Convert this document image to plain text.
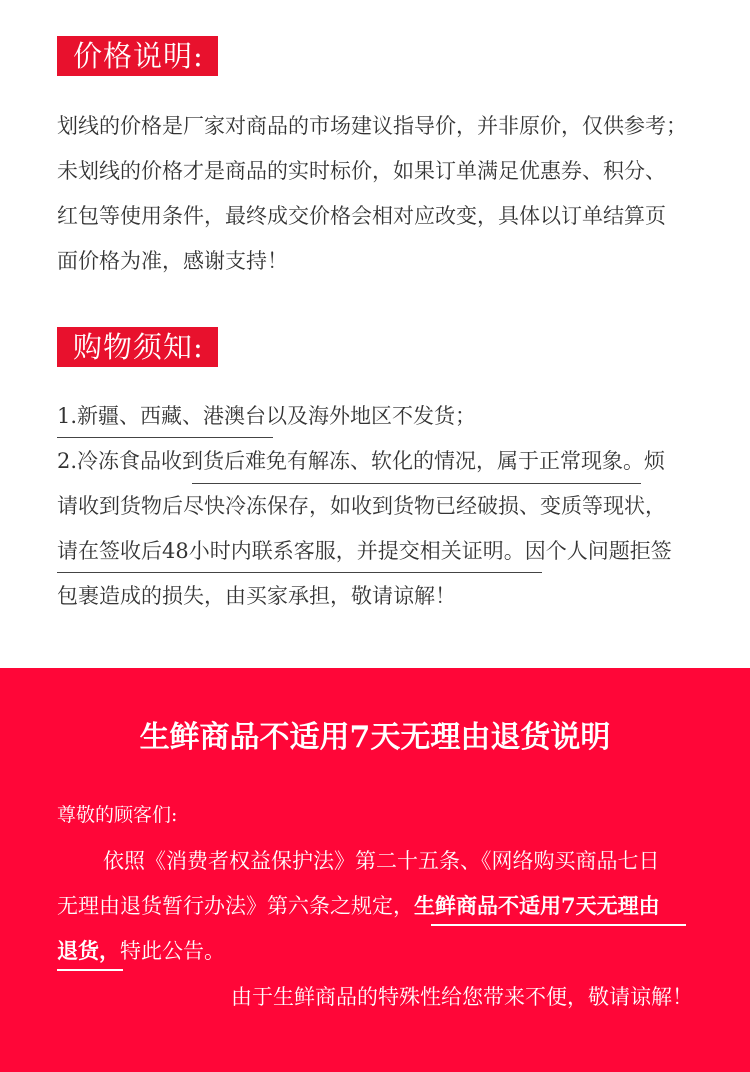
价格说明:
划线的价格是厂家对商品的市场建议指导价，并非原价，仅供参考；
未划线的价格才是商品的实时标价，如果订单满足优惠券、积分、
红包等使用条件，最终成交价格会相对应改变，具体以订单结算页
面价格为准，感谢支持！
购物须知:
1.新疆、西藏、港澳台以及海外地区不发货；
2.冷冻食品收到货后难免有解冻、软化的情况，属于正常现象。烦
请收到货物后尽快冷冻保存，如收到货物已经破损、变质等现状，
请在签收后48小时内联系客服，并提交相关证明。因个人问题拒签
包裹造成的损失，由买家承担，敬请谅解！
生鲜商品不适用7天无理由退货说明
尊敬的顾客们:
依照《消费者权益保护法》第二十五条、《网络购买商品七日
无理由退货暂行办法》第六条之规定，生鲜商品不适用7天无理由
退货，特此公告。
由于生鲜商品的特殊性给您带来不便，敬请谅解！
